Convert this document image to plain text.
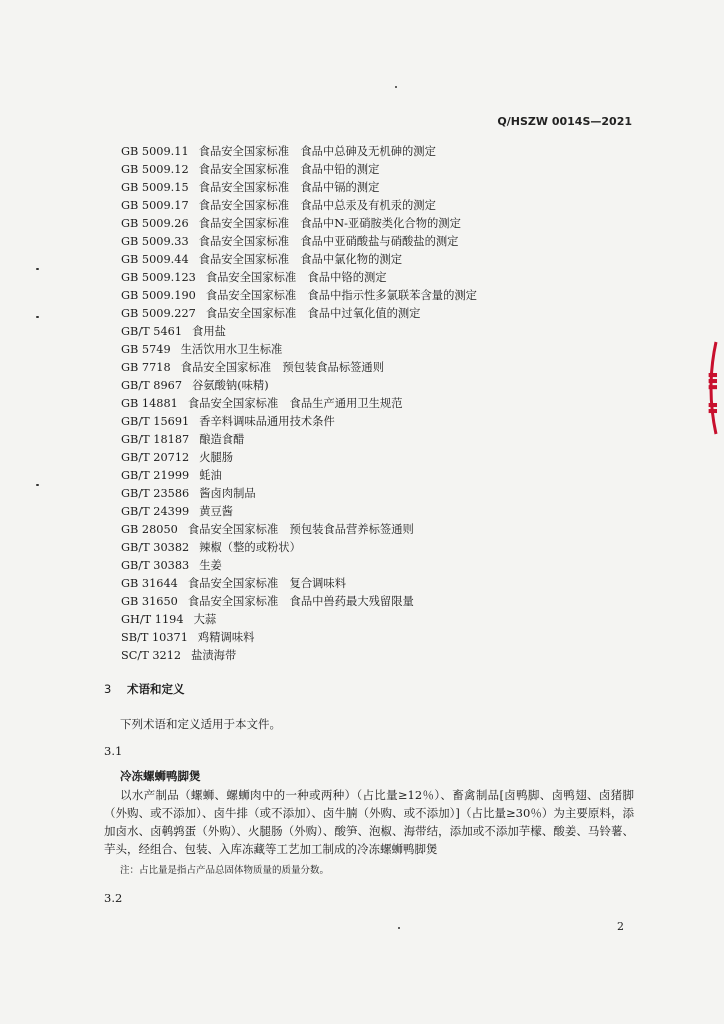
Q/HSZW 0014S—2021
GB 5009.11 食品安全国家标准　食品中总砷及无机砷的测定
GB 5009.12 食品安全国家标准　食品中铅的测定
GB 5009.15 食品安全国家标准　食品中镉的测定
GB 5009.17 食品安全国家标准　食品中总汞及有机汞的测定
GB 5009.26 食品安全国家标准　食品中N-亚硝胺类化合物的测定
GB 5009.33 食品安全国家标准　食品中亚硝酸盐与硝酸盐的测定
GB 5009.44 食品安全国家标准　食品中氯化物的测定
GB 5009.123 食品安全国家标准　食品中铬的测定
GB 5009.190 食品安全国家标准　食品中指示性多氯联苯含量的测定
GB 5009.227 食品安全国家标准　食品中过氧化值的测定
GB/T 5461 食用盐
GB 5749 生活饮用水卫生标准
GB 7718 食品安全国家标准　预包装食品标签通则
GB/T 8967 谷氨酸钠(味精)
GB 14881 食品安全国家标准　食品生产通用卫生规范
GB/T 15691 香辛料调味品通用技术条件
GB/T 18187 酿造食醋
GB/T 20712 火腿肠
GB/T 21999 蚝油
GB/T 23586 酱卤肉制品
GB/T 24399 黄豆酱
GB 28050 食品安全国家标准　预包装食品营养标签通则
GB/T 30382 辣椒（整的或粉状）
GB/T 30383 生姜
GB 31644 食品安全国家标准　复合调味料
GB 31650 食品安全国家标准　食品中兽药最大残留限量
GH/T 1194 大蒜
SB/T 10371 鸡精调味料
SC/T 3212 盐渍海带
3 术语和定义
下列术语和定义适用于本文件。
3.1
冷冻螺蛳鸭脚煲

以水产制品（螺蛳、螺蛳肉中的一种或两种）（占比量≥12％）、畜禽制品[卤鸭脚、卤鸭翅、卤猪脚（外购、或不添加）、卤牛排（或不添加）、卤牛腩（外购、或不添加）]（占比量≥30％）为主要原料，添加卤水、卤鹌鹑蛋（外购）、火腿肠（外购）、酸笋、泡椒、海带结，添加或不添加芋檬、酸姜、马铃薯、芋头，经组合、包装、入库冻藏等工艺加工制成的冷冻螺蛳鸭脚煲

注：占比量是指占产品总固体物质量的质量分数。
3.2
2
▮▮▮
▮▮
